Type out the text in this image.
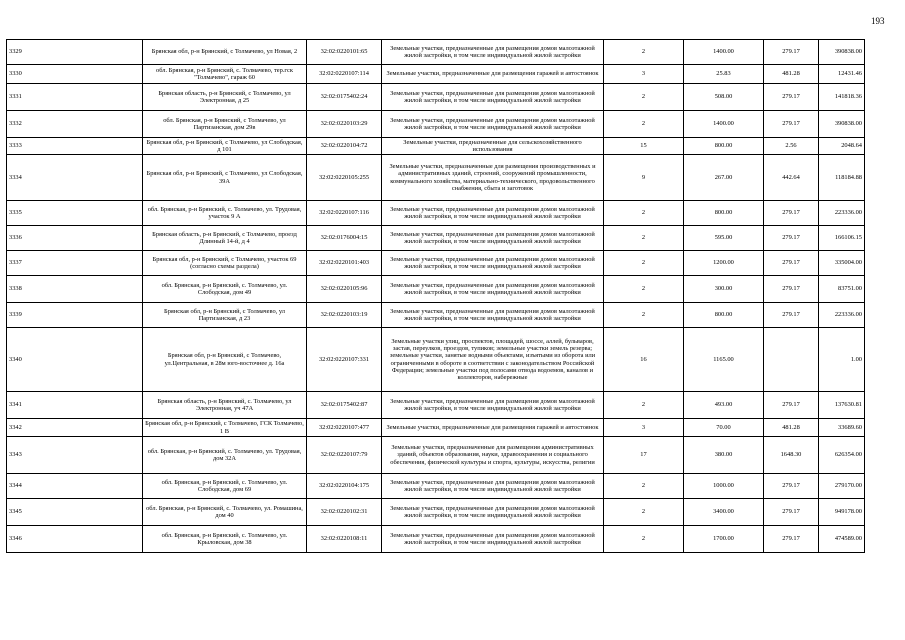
193
3329	Брянская обл, р-н Брянский, с Толмачево, ул Новая, 2	32:02:0220101:65	Земельные участки, предназначенные для размещения домов малоэтажной жилой застройки, в том числе индивидуальной жилой застройки	2	1400.00	279.17	390838.00
3330	обл. Брянская, р-н Брянский, с. Толмачево, тер.гск "Толмачево", гараж 60	32:02:0220107:114	Земельные участки, предназначенные для размещения гаражей и автостоянок	3	25.83	481.28	12431.46
3331	Брянская область, р-н Брянский, с Толмачево, ул Электронная, д 25	32:02:0175402:24	Земельные участки, предназначенные для размещения домов малоэтажной жилой застройки, в том числе индивидуальной жилой застройки	2	508.00	279.17	141818.36
3332	обл. Брянская, р-н Брянский, с Толмачево, ул Партизанская, дом 29в	32:02:0220103:29	Земельные участки, предназначенные для размещения домов малоэтажной жилой застройки, в том числе индивидуальной жилой застройки	2	1400.00	279.17	390838.00
3333	Брянская обл, р-н Брянский, с Толмачево, ул Слободская, д 101	32:02:0220104:72	Земельные участки, предназначенные для сельскохозяйственного использования	15	800.00	2.56	2048.64
3334	Брянская обл, р-н Брянский, с Толмачево, ул Слободская, 39А	32:02:0220105:255	Земельные участки, предназначенные для размещения производственных и административных зданий, строений, сооружений промышленности, коммунального хозяйства, материально-технического, продовольственного снабжения, сбыта и заготовок	9	267.00	442.64	118184.88
3335	обл. Брянская, р-н Брянский, с. Толмачево, ул. Трудовая, участок 9 А	32:02:0220107:116	Земельные участки, предназначенные для размещения домов малоэтажной жилой застройки, в том числе индивидуальной жилой застройки	2	800.00	279.17	223336.00
3336	Брянская область, р-н Брянский, с Толмачево, проезд Длинный 14-й, д 4	32:02:0176004:15	Земельные участки, предназначенные для размещения домов малоэтажной жилой застройки, в том числе индивидуальной жилой застройки	2	595.00	279.17	166106.15
3337	Брянская обл, р-н Брянский, с Толмачево, участок 69 (согласно схемы раздела)	32:02:0220101:403	Земельные участки, предназначенные для размещения домов малоэтажной жилой застройки, в том числе индивидуальной жилой застройки	2	1200.00	279.17	335004.00
3338	обл. Брянская, р-н Брянский, с. Толмачево, ул. Слободская, дом 49	32:02:0220105:96	Земельные участки, предназначенные для размещения домов малоэтажной жилой застройки, в том числе индивидуальной жилой застройки	2	300.00	279.17	83751.00
3339	Брянская обл, р-н Брянский, с Толмачево, ул Партизанская, д 23	32:02:0220103:19	Земельные участки, предназначенные для размещения домов малоэтажной жилой застройки, в том числе индивидуальной жилой застройки	2	800.00	279.17	223336.00
3340	Брянская обл, р-н Брянский, с Толмачево, ул.Центральная, в 28м юго-восточнее д. 16а	32:02:0220107:331	Земельные участки улиц, проспектов, площадей, шоссе, аллей, бульваров, застав, переулков, проездов, тупиков; земельные участки земель резерва; земельные участки, занятые водными объектами, изъятыми из оборота или ограниченными в обороте в соответствии с законодательством Российской Федерации; земельные участки под полосами отвода водоемов, каналов и коллекторов, набережные	16	1165.00		1.00
3341	Брянская область, р-н Брянский, с. Толмачево, ул Электронная, уч 47А	32:02:0175402:87	Земельные участки, предназначенные для размещения домов малоэтажной жилой застройки, в том числе индивидуальной жилой застройки	2	493.00	279.17	137630.81
3342	Брянская обл, р-н Брянский, с Толмачево, ГСК Толмачево, 1 В	32:02:0220107:477	Земельные участки, предназначенные для размещения гаражей и автостоянок	3	70.00	481.28	33689.60
3343	обл. Брянская, р-н Брянский, с. Толмачево, ул. Трудовая, дом 32А	32:02:0220107:79	Земельные участки, предназначенные для размещения административных зданий, объектов образования, науки, здравоохранения и социального обеспечения, физической культуры и спорта, культуры, искусства, религии	17	380.00	1648.30	626354.00
3344	обл. Брянская, р-н Брянский, с. Толмачево, ул. Слободская, дом 69	32:02:0220104:175	Земельные участки, предназначенные для размещения домов малоэтажной жилой застройки, в том числе индивидуальной жилой застройки	2	1000.00	279.17	279170.00
3345	обл. Брянская, р-н Брянский, с. Толмачево, ул. Ромашина, дом 40	32:02:0220102:31	Земельные участки, предназначенные для размещения домов малоэтажной жилой застройки, в том числе индивидуальной жилой застройки	2	3400.00	279.17	949178.00
3346	обл. Брянская, р-н Брянский, с. Толмачево, ул. Крыловская, дом 38	32:02:0220108:11	Земельные участки, предназначенные для размещения домов малоэтажной жилой застройки, в том числе индивидуальной жилой застройки	2	1700.00	279.17	474589.00
